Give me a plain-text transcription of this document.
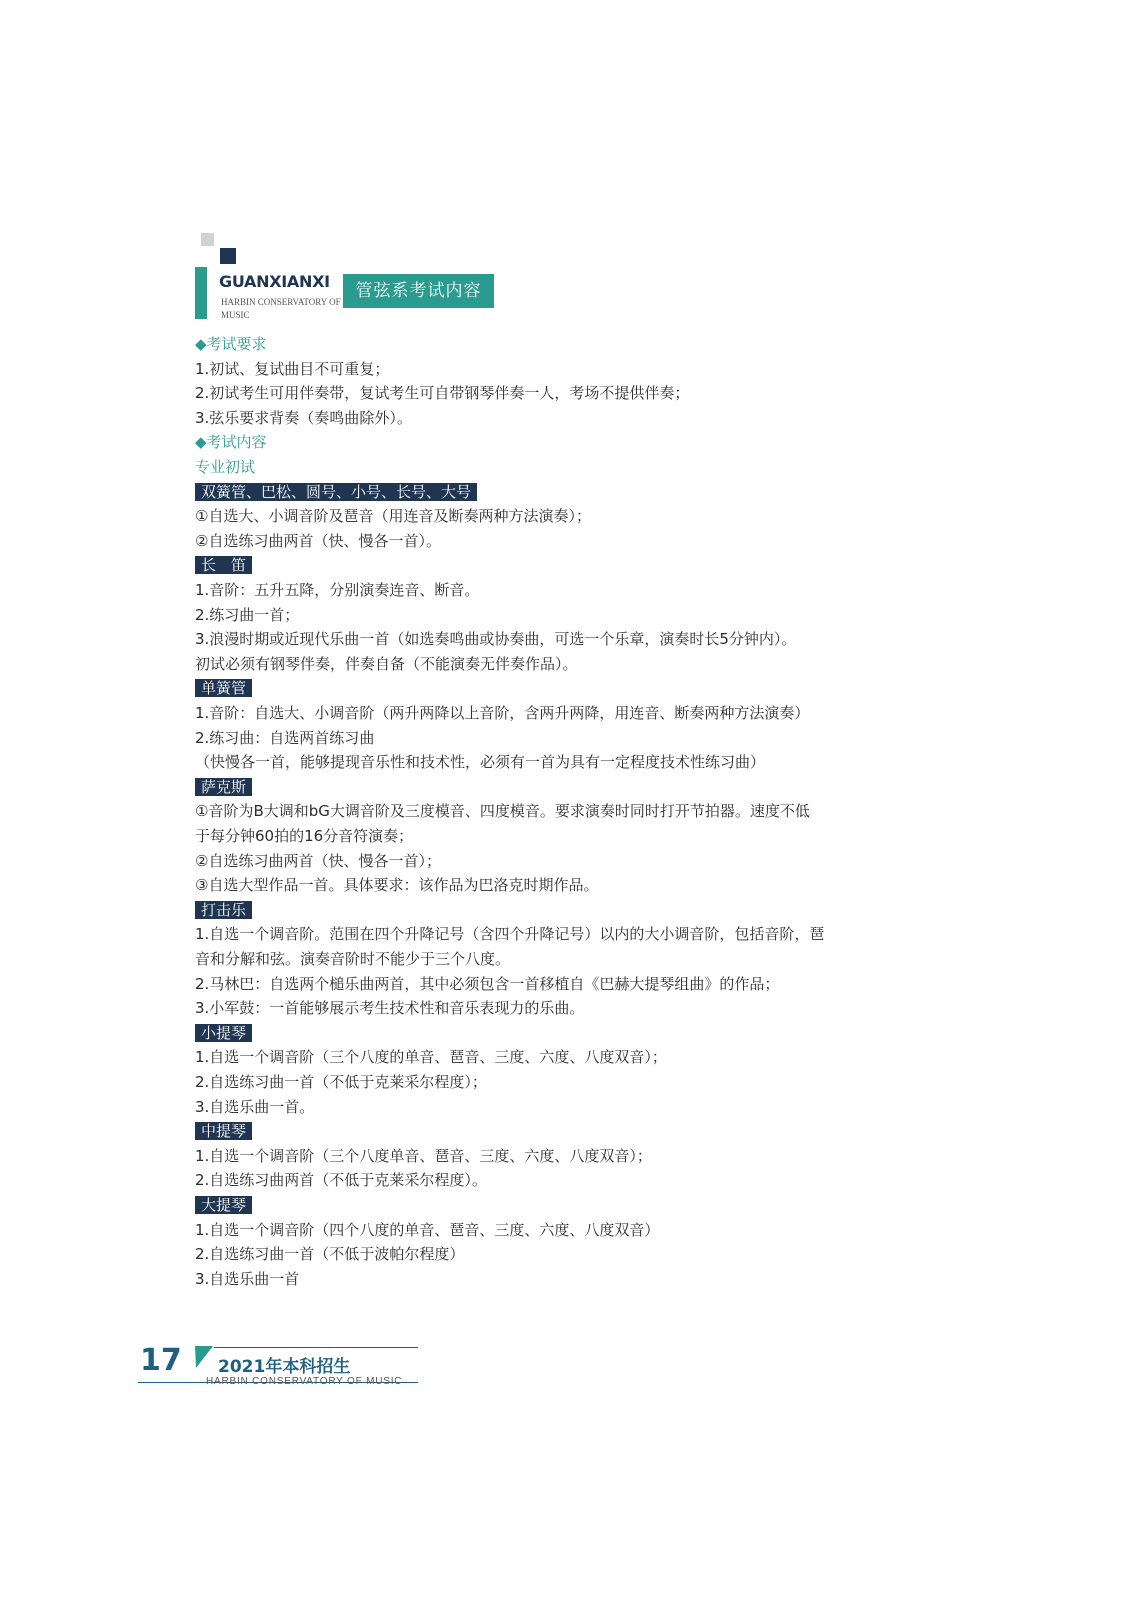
GUANXIANXI
HARBIN CONSERVATORY OF MUSIC
管弦系考试内容
◆考试要求
1.初试、复试曲目不可重复；
2.初试考生可用伴奏带，复试考生可自带钢琴伴奏一人，考场不提供伴奏；
3.弦乐要求背奏（奏鸣曲除外）。
◆考试内容
专业初试
双簧管、巴松、圆号、小号、长号、大号
①自选大、小调音阶及琶音（用连音及断奏两种方法演奏）；
②自选练习曲两首（快、慢各一首）。
长　笛
1.音阶：五升五降，分别演奏连音、断音。
2.练习曲一首；
3.浪漫时期或近现代乐曲一首（如选奏鸣曲或协奏曲，可选一个乐章，演奏时长5分钟内）。
初试必须有钢琴伴奏，伴奏自备（不能演奏无伴奏作品）。
单簧管
1.音阶：自选大、小调音阶（两升两降以上音阶，含两升两降，用连音、断奏两种方法演奏）
2.练习曲：自选两首练习曲
（快慢各一首，能够提现音乐性和技术性，必须有一首为具有一定程度技术性练习曲）
萨克斯
①音阶为B大调和bG大调音阶及三度模音、四度模音。要求演奏时同时打开节拍器。速度不低
于每分钟60拍的16分音符演奏；
②自选练习曲两首（快、慢各一首）；
③自选大型作品一首。具体要求：该作品为巴洛克时期作品。
打击乐
1.自选一个调音阶。范围在四个升降记号（含四个升降记号）以内的大小调音阶，包括音阶，琶
音和分解和弦。演奏音阶时不能少于三个八度。
2.马林巴：自选两个槌乐曲两首，其中必须包含一首移植自《巴赫大提琴组曲》的作品；
3.小军鼓：一首能够展示考生技术性和音乐表现力的乐曲。
小提琴
1.自选一个调音阶（三个八度的单音、琶音、三度、六度、八度双音）；
2.自选练习曲一首（不低于克莱采尔程度）；
3.自选乐曲一首。
中提琴
1.自选一个调音阶（三个八度单音、琶音、三度、六度、八度双音）；
2.自选练习曲两首（不低于克莱采尔程度）。
大提琴
1.自选一个调音阶（四个八度的单音、琶音、三度、六度、八度双音）
2.自选练习曲一首（不低于波帕尔程度）
3.自选乐曲一首
17 2021年本科招生
HARBIN CONSERVATORY OF MUSIC
